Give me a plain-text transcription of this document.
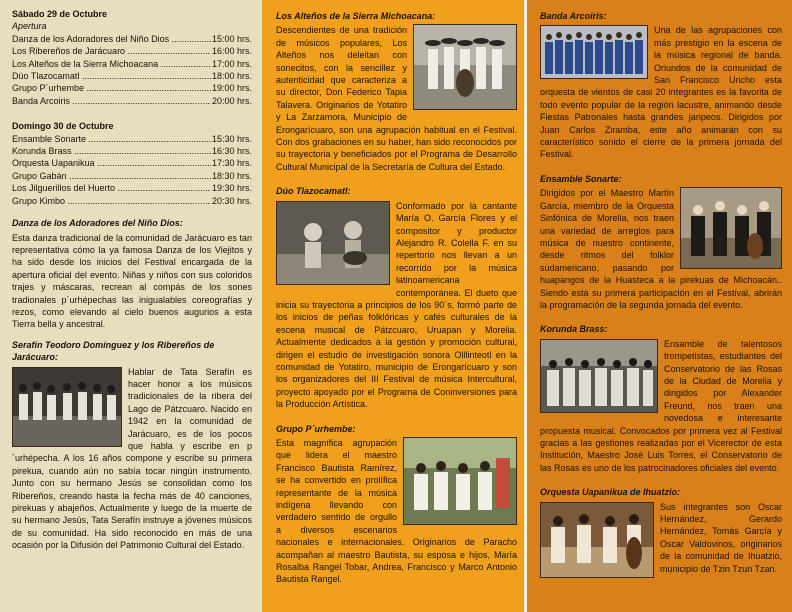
Sábado 29 de Octubre
Apertura
Danza de los Adoradores del Niño Dios .....	15:00 hrs.
Los Ribereños de Jarácuaro .....	16:00 hrs.
Los Alteños de la Sierra Michoacana .....	17:00 hrs.
Dúo Tlazocamatl .....	18:00 hrs.
Grupo P´urhembe .....	19:00 hrs.
Banda Arcoiris .....	20:00 hrs.
Domingo 30 de Octubre
Ensamble Sonarte .....	15:30 hrs.
Korunda Brass .....	16:30 hrs.
Orquesta Uapanikua .....	17:30 hrs.
Grupo Gabán .....	18:30 hrs.
Los Jilguerillos del Huerto .....	19:30 hrs.
Grupo Kimbo .....	20:30 hrs.
Danza de los Adoradores del Niño Dios:
Esta danza tradicional de la comunidad de Jarácuaro es tan representativa cómo la ya famosa Danza de los Viejitos y ha sido desde los inicios del Festival encargada de la apertura oficial del evento. Niñas y niños con sus coloridos trajes y máscaras, recrean al compás de los sones tradionales p´urhépechas las inigualables coreografías y rezos, como elevando al cielo buenos augurios a esta Tierra bella y ancestral.
Serafín Teodoro Domínguez y los Ribereños de Jarácuaro:
Hablar de Tata Serafín es hacer honor a los músicos tradicionales de la ribera del Lago de Pátzcuaro. Nacido en 1942 en la comunidad de Jarácuaro, es de los pocos que habla y escribe en p´urhépecha. A los 16 años compone y escribe su primera pirekua, cuando aún no sabía tocar ningún instrumento. Junto con su hermano Jesús se consolidan como los Ribereños, creando hasta la fecha más de 40 canciones, pirekuas y abajeños. Actualmente y luego de la muerte de su hermano Jesús, Tata Serafín instruye a jóvenes músicos de su comunidad. Ha sido reconocido en más de una ocasión por la Difusión del Patrimonio Cultural del Estado.
Los Alteños de la Sierra Michoacana:
Descendientes de una tradición de músicos populares, Los Alteños nos deleitan con sonecitos, con la sencillez y autenticidad que caracteriza a su director, Don Federico Tapia Talavera. Originarios de Yotatiro y La Zarzamora, Municipio de Erongarícuaro, son una agrupación habitual en el Festival. Con dos grabaciones en su haber, han sido reconocidos por su trayectoria y beneficiados por el Programa de Desarrollo Cultural Municipal de la Secretaría de Cultura del Estado.
Dúo Tlazocamatl:
Conformado por la cantante María O. García Flores y el compositor y productor Alejandro R. Colella F. en su repertorio nos llevan a un recorrido por la música latinoamericana contemporánea. El dueto que inicia su trayectoria a principios de los 90´s, formó parte de los inicios de peñas folklóricas y cafés culturales de la escena musical de Pátzcuaro, Uruapan y Morelia. Actualmente dedicados a la gestión y promoción cultural, dirigen el estudio de investigación sonora Olllinteotl en la comunidad de Yotatiro, municipio de Erongarícuaro y son los organizadores del III Festival de música Intercultural, proyecto apoyado por el Programa de Coninversiones para la Producción Artística.
Grupo P´urhembe:
Esta magnífica agrupación que lidera el maestro Francisco Bautista Ramírez, se ha convertido en prolífica representante de la música indígena llevando con verdadero sentido de orgullo a diversos escenarios nacionales e internacionales. Originarios de Paracho acompañan al maestro Bautista, su esposa e hijos, María Rosalba Rangel Tobar, Andrea, Francisco y Marco Antonio Bautista Rangel.
Banda Arcoiris:
Una de las agrupaciones con más prestigio en la escena de la música regional de banda. Oriundos de la comunidad de San Francisco Uricho esta orquesta de vientos de casi 20 integrantes es la favorita de todo evento popular de la región lacustre, animando desde Fiestas Patronales hasta grandes jaripeos. Dirigidos por Juan Carlos Ziramba, este año animarán con su característico sonido el cierre de la primera jornada del Festival.
Ensamble Sonarte:
Dirigidos por el Maestro Martín García, miembro de la Orquesta Sinfónica de Morelia, nos traen una variedad de arreglos para música de nuestro continente, desde ritmos del folklor sudamericano, pasando por huapangos de la Huasteca a la pirekuas de Michoacán.. Siendo esta su primera participación en el Festival, abrirán la programación de la segunda jornada del evento.
Korunda Brass:
Ensamble de talentosos trompetistas, estudiantes del Conservatorio de las Rosas de la Ciudad de Morelia y dirigidos por Alexander Freund, nos traen una novedosa e interesante propuesta musical. Convocados por primera vez al Festival gracias a las gestiones realizadas por el Vicerector de esta Institución, Maestro José Luis Torres, el Conservatorio de las Rosas es uno de los patrocinadores oficiales del evento.
Orquesta Uapanikua de Ihuatzio:
Sus integrantes son Oscar Hernández, Gerardo Hernández, Tomás García y Oscar Valdovinos, originarios de la comunidad de Ihuatzio, municipio de Tzin Tzun Tzan.
